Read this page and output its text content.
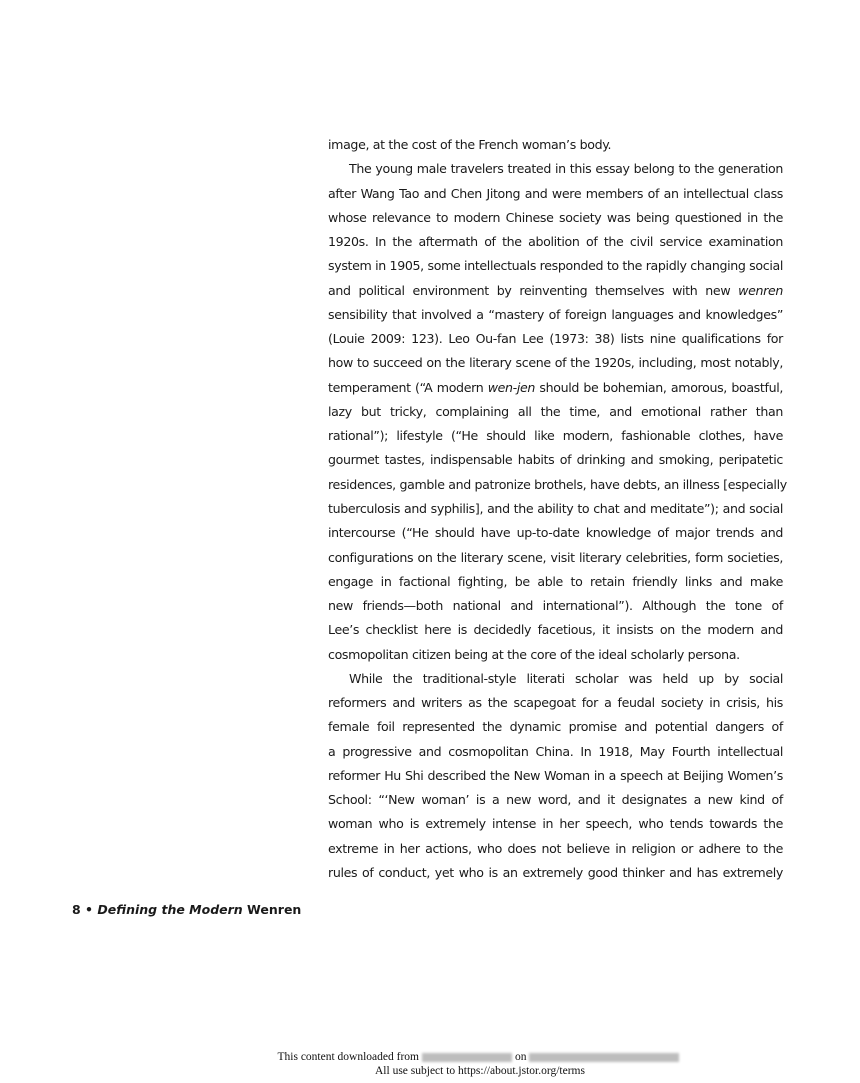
image, at the cost of the French woman’s body.
The young male travelers treated in this essay belong to the generation
after Wang Tao and Chen Jitong and were members of an intellectual class
whose relevance to modern Chinese society was being questioned in the
1920s. In the aftermath of the abolition of the civil service examination
system in 1905, some intellectuals responded to the rapidly changing social
and political environment by reinventing themselves with new wenren
sensibility that involved a “mastery of foreign languages and knowledges”
(Louie 2009: 123). Leo Ou-fan Lee (1973: 38) lists nine qualifications for
how to succeed on the literary scene of the 1920s, including, most notably,
temperament (“A modern wen-jen should be bohemian, amorous, boastful,
lazy but tricky, complaining all the time, and emotional rather than
rational”); lifestyle (“He should like modern, fashionable clothes, have
gourmet tastes, indispensable habits of drinking and smoking, peripatetic
residences, gamble and patronize brothels, have debts, an illness [especially
tuberculosis and syphilis], and the ability to chat and meditate”); and social
intercourse (“He should have up-to-date knowledge of major trends and
configurations on the literary scene, visit literary celebrities, form societies,
engage in factional fighting, be able to retain friendly links and make
new friends—both national and international”). Although the tone of
Lee’s checklist here is decidedly facetious, it insists on the modern and
cosmopolitan citizen being at the core of the ideal scholarly persona.
While the traditional-style literati scholar was held up by social
reformers and writers as the scapegoat for a feudal society in crisis, his
female foil represented the dynamic promise and potential dangers of
a progressive and cosmopolitan China. In 1918, May Fourth intellectual
reformer Hu Shi described the New Woman in a speech at Beijing Women’s
School: “‘New woman’ is a new word, and it designates a new kind of
woman who is extremely intense in her speech, who tends towards the
extreme in her actions, who does not believe in religion or adhere to the
rules of conduct, yet who is an extremely good thinker and has extremely
8 • Defining the Modern Wenren
This content downloaded from	on
All use subject to https://about.jstor.org/terms
